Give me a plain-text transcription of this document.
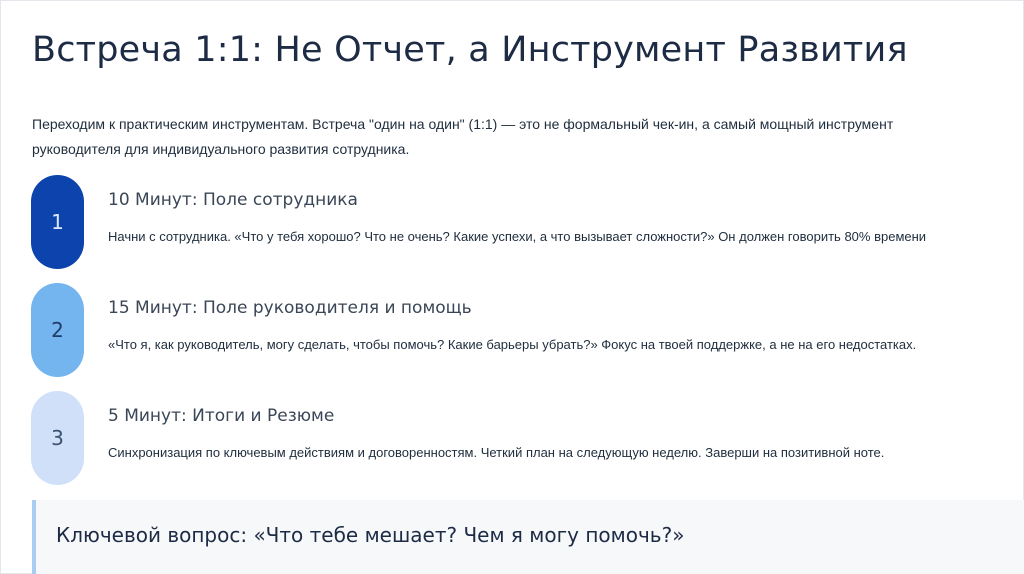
Встреча 1:1: Не Отчет, а Инструмент Развития
Переходим к практическим инструментам. Встреча "один на один" (1:1) — это не формальный чек-ин, а самый мощный инструмент руководителя для индивидуального развития сотрудника.
1
10 Минут: Поле сотрудника
Начни с сотрудника. «Что у тебя хорошо? Что не очень? Какие успехи, а что вызывает сложности?» Он должен говорить 80% времени
2
15 Минут: Поле руководителя и помощь
«Что я, как руководитель, могу сделать, чтобы помочь? Какие барьеры убрать?» Фокус на твоей поддержке, а не на его недостатках.
3
5 Минут: Итоги и Резюме
Синхронизация по ключевым действиям и договоренностям. Четкий план на следующую неделю. Заверши на позитивной ноте.
Ключевой вопрос: «Что тебе мешает? Чем я могу помочь?»
